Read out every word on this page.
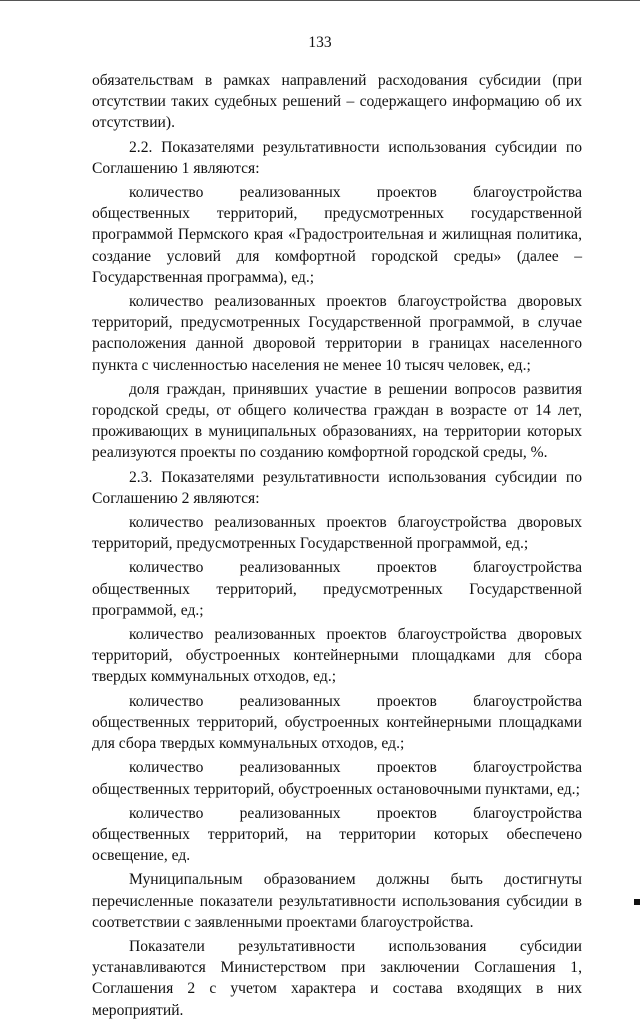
133

обязательствам в рамках направлений расходования субсидии (при отсутствии таких судебных решений – содержащего информацию об их отсутствии).

2.2. Показателями результативности использования субсидии по Соглашению 1 являются:

количество реализованных проектов благоустройства общественных территорий, предусмотренных государственной программой Пермского края «Градостроительная и жилищная политика, создание условий для комфортной городской среды» (далее – Государственная программа), ед.;

количество реализованных проектов благоустройства дворовых территорий, предусмотренных Государственной программой, в случае расположения данной дворовой территории в границах населенного пункта с численностью населения не менее 10 тысяч человек, ед.;

доля граждан, принявших участие в решении вопросов развития городской среды, от общего количества граждан в возрасте от 14 лет, проживающих в муниципальных образованиях, на территории которых реализуются проекты по созданию комфортной городской среды, %.

2.3. Показателями результативности использования субсидии по Соглашению 2 являются:

количество реализованных проектов благоустройства дворовых территорий, предусмотренных Государственной программой, ед.;

количество реализованных проектов благоустройства общественных территорий, предусмотренных Государственной программой, ед.;

количество реализованных проектов благоустройства дворовых территорий, обустроенных контейнерными площадками для сбора твердых коммунальных отходов, ед.;

количество реализованных проектов благоустройства общественных территорий, обустроенных контейнерными площадками для сбора твердых коммунальных отходов, ед.;

количество реализованных проектов благоустройства общественных территорий, обустроенных остановочными пунктами, ед.;

количество реализованных проектов благоустройства общественных территорий, на территории которых обеспечено освещение, ед.

Муниципальным образованием должны быть достигнуты перечисленные показатели результативности использования субсидии в соответствии с заявленными проектами благоустройства.

Показатели результативности использования субсидии устанавливаются Министерством при заключении Соглашения 1, Соглашения 2 с учетом характера и состава входящих в них мероприятий.
